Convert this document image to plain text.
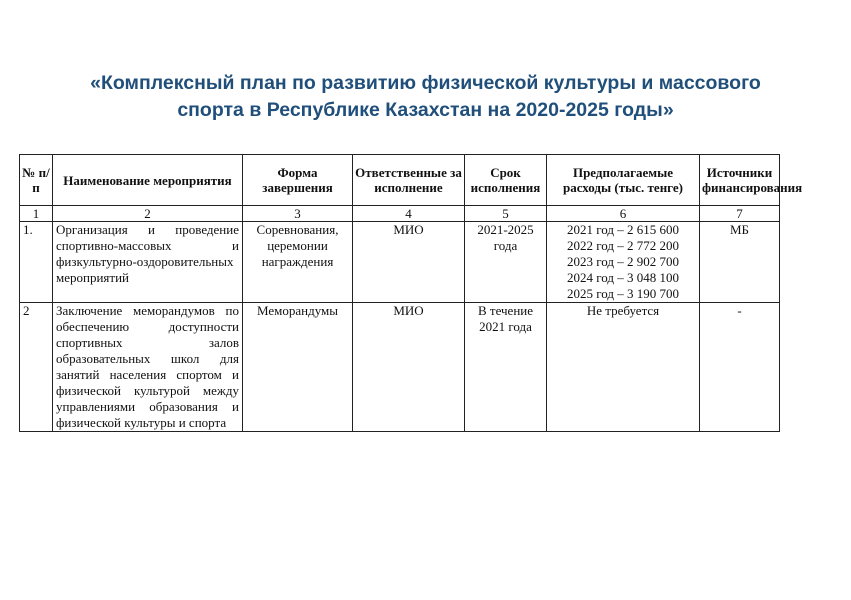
«Комплексный план по развитию физической культуры и массового
спорта в Республике Казахстан на 2020-2025 годы»
№ п/п	Наименование мероприятия	Форма завершения	Ответственные за исполнение	Срок исполнения	Предполагаемые расходы (тыс. тенге)	Источники финансирования
1	2	3	4	5	6	7
1.	Организация и проведение спортивно-массовых и физкультурно-оздоровительных мероприятий	Соревнования, церемонии награждения	МИО	2021-2025 года	2021 год – 2 615 600
2022 год – 2 772 200
2023 год – 2 902 700
2024 год – 3 048 100
2025 год – 3 190 700	МБ
2	Заключение меморандумов по обеспечению доступности спортивных залов образовательных школ для занятий населения спортом и физической культурой между управлениями образования и физической культуры и спорта	Меморандумы	МИО	В течение 2021 года	Не требуется	-
